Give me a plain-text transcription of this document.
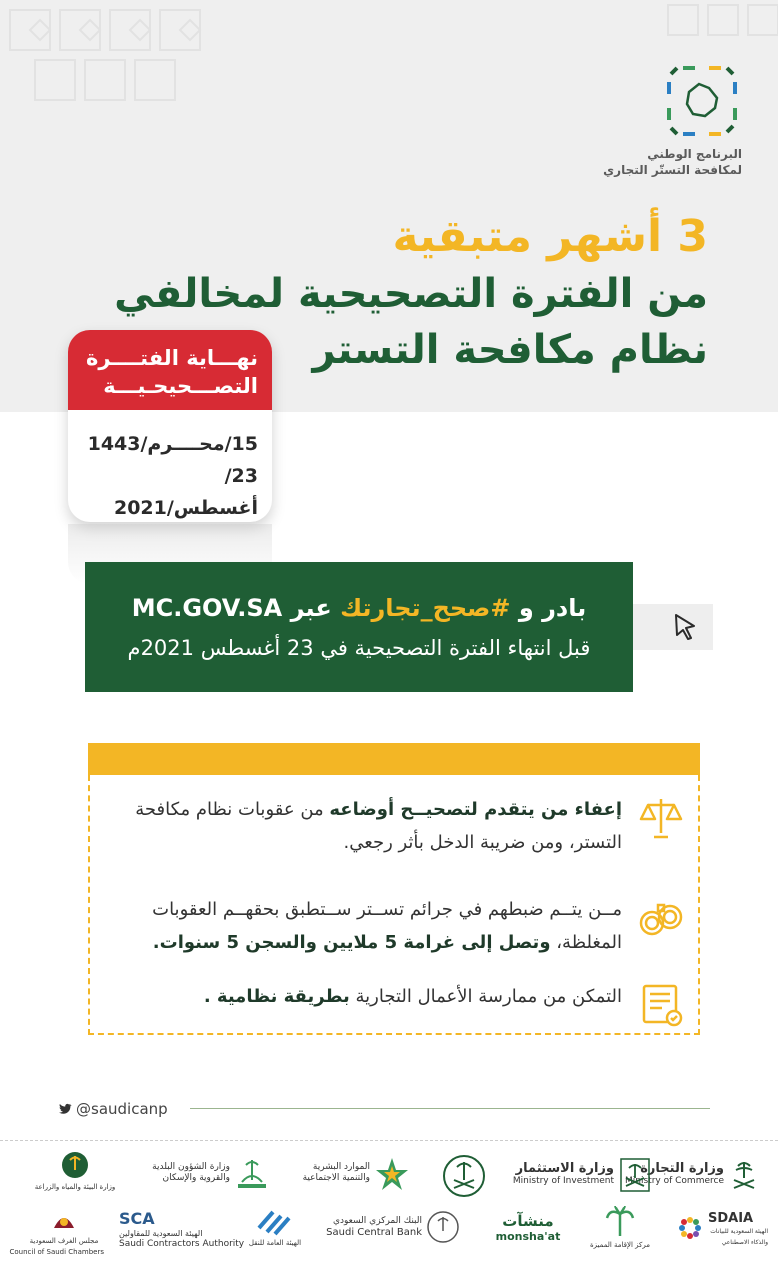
البرنامج الوطني
لمكافحة التستّر التجاري
3 أشهر متبقية
من الفترة التصحيحية لمخالفي
نظام مكافحة التستر
نهـــاية الفتــــرة
التصـــحيحـيـــة
15/محــــرم/1443
23/أغسطس/2021
بادر و #صحح_تجارتك عبر MC.GOV.SA
قبل انتهاء الفترة التصحيحية في 23 أغسطس 2021م
إعفاء من يتقدم لتصحيــح أوضاعه من عقوبات نظام مكافحة التستر، ومن ضريبة الدخل بأثر رجعي.
مــن يتــم ضبطهم في جرائم تســتر ســتطبق بحقهــم العقوبات المغلظة، وتصل إلى غرامة 5 ملايين والسجن 5 سنوات.
التمكن من ممارسة الأعمال التجارية بطريقة نظامية .
@saudicanp
وزارة التجارة
Ministry of Commerce
وزارة الاستثمار
Ministry of Investment
الموارد البشرية والتنمية الاجتماعية
وزارة الشؤون البلدية والقروية والإسكان
وزارة البيئة والمياه والزراعة
SDAIA
الهيئة السعودية للبيانات والذكاء الاصطناعي
مركز الإقامة المميزة
منشآت
monsha'at
البنك المركزي السعودي
Saudi Central Bank
الهيئة العامة للنقل
SCA
الهيئة السعودية للمقاولين
Saudi Contractors Authority
مجلس الغرف السعودية
Council of Saudi Chambers
